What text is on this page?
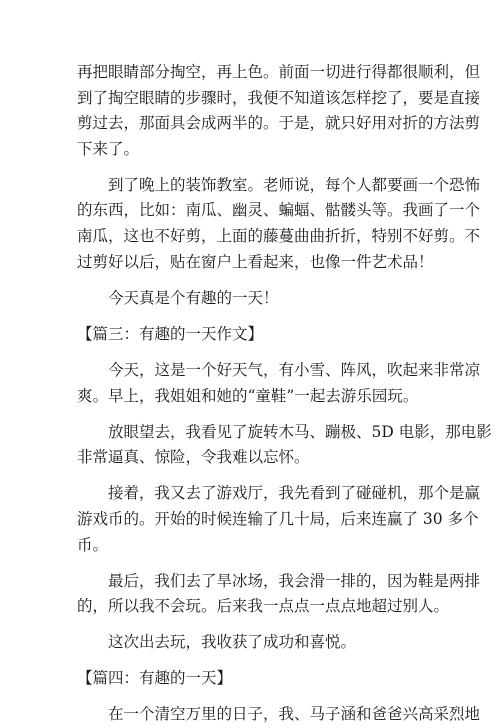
再把眼睛部分掏空，再上色。前面一切进行得都很顺利，但
到了掏空眼睛的步骤时，我便不知道该怎样挖了，要是直接
剪过去，那面具会成两半的。于是，就只好用对折的方法剪
下来了。
到了晚上的装饰教室。老师说，每个人都要画一个恐怖
的东西，比如：南瓜、幽灵、蝙蝠、骷髅头等。我画了一个
南瓜，这也不好剪，上面的藤蔓曲曲折折，特别不好剪。不
过剪好以后，贴在窗户上看起来，也像一件艺术品！
今天真是个有趣的一天！
【篇三：有趣的一天作文】
今天，这是一个好天气，有小雪、阵风，吹起来非常凉
爽。早上，我姐姐和她的“童鞋”一起去游乐园玩。
放眼望去，我看见了旋转木马、蹦极、5D 电影，那电影
非常逼真、惊险，令我难以忘怀。
接着，我又去了游戏厅，我先看到了碰碰机，那个是赢
游戏币的。开始的时候连输了几十局，后来连赢了 30 多个
币。
最后，我们去了旱冰场，我会滑一排的，因为鞋是两排
的，所以我不会玩。后来我一点点一点点地超过别人。
这次出去玩，我收获了成功和喜悦。
【篇四：有趣的一天】
在一个清空万里的日子，我、马子涵和爸爸兴高采烈地
